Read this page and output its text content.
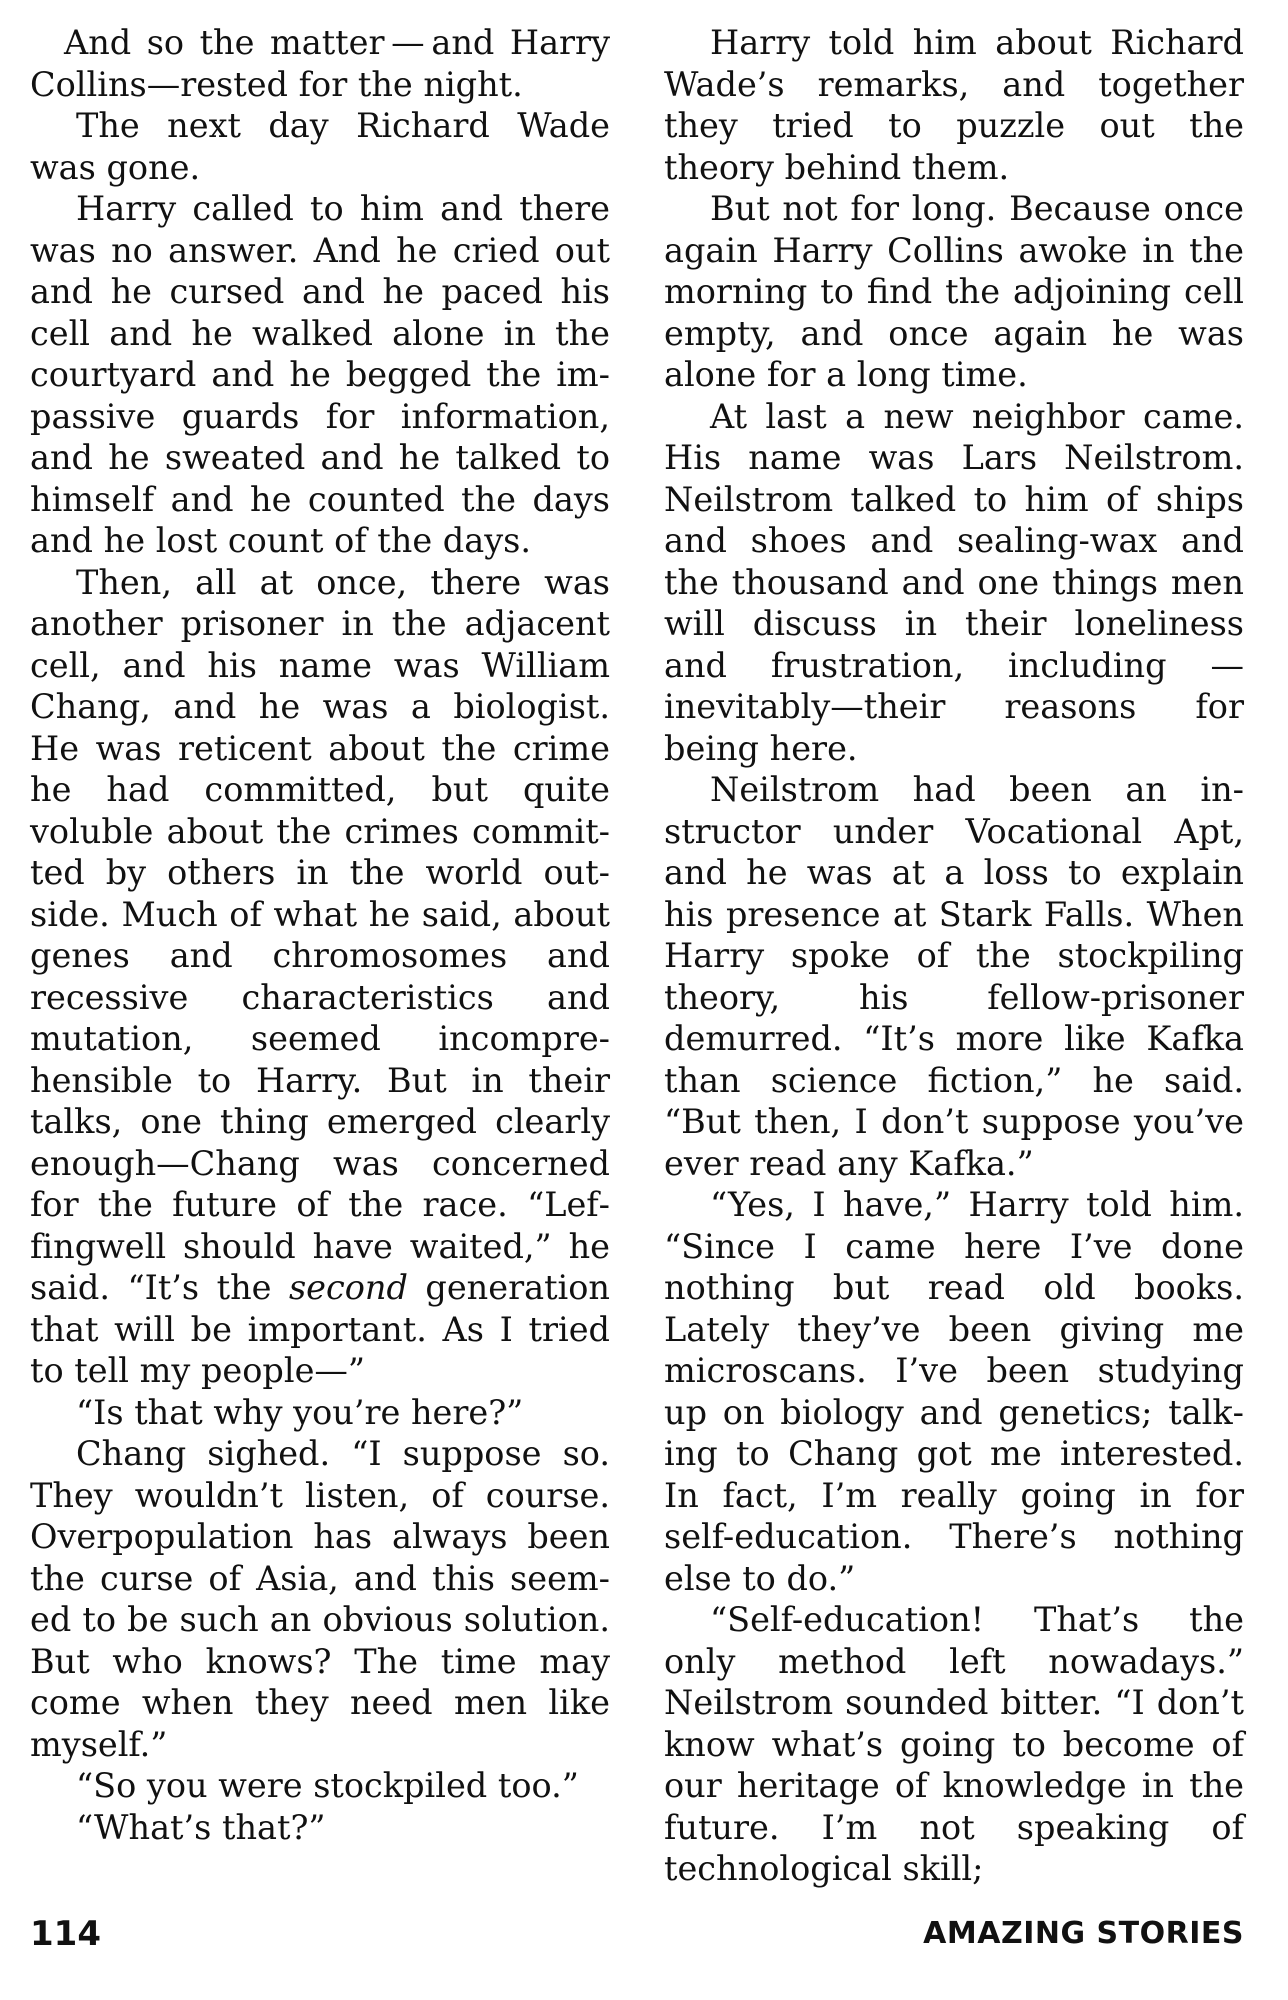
And so the matter — and Harry Collins—rested for the night.

The next day Richard Wade was gone.

Harry called to him and there was no answer. And he cried out and he cursed and he paced his cell and he walked alone in the courtyard and he begged the impassive guards for information, and he sweated and he talked to himself and he counted the days and he lost count of the days.

Then, all at once, there was another prisoner in the adjacent cell, and his name was William Chang, and he was a biologist. He was reticent about the crime he had committed, but quite voluble about the crimes committed by others in the world outside. Much of what he said, about genes and chromosomes and recessive characteristics and mutation, seemed incomprehensible to Harry. But in their talks, one thing emerged clearly enough—Chang was concerned for the future of the race. “Leffingwell should have waited,” he said. “It’s the second generation that will be important. As I tried to tell my people—”

“Is that why you’re here?”

Chang sighed. “I suppose so. They wouldn’t listen, of course. Overpopulation has always been the curse of Asia, and this seemed to be such an obvious solution. But who knows? The time may come when they need men like myself.”

“So you were stockpiled too.”

“What’s that?”

Harry told him about Richard Wade’s remarks, and together they tried to puzzle out the theory behind them.

But not for long. Because once again Harry Collins awoke in the morning to find the adjoining cell empty, and once again he was alone for a long time.

At last a new neighbor came. His name was Lars Neilstrom. Neilstrom talked to him of ships and shoes and sealing-wax and the thousand and one things men will discuss in their loneliness and frustration, including —inevitably—their reasons for being here.

Neilstrom had been an instructor under Vocational Apt, and he was at a loss to explain his presence at Stark Falls. When Harry spoke of the stockpiling theory, his fellow-prisoner demurred. “It’s more like Kafka than science fiction,” he said. “But then, I don’t suppose you’ve ever read any Kafka.”

“Yes, I have,” Harry told him. “Since I came here I’ve done nothing but read old books. Lately they’ve been giving me microscans. I’ve been studying up on biology and genetics; talking to Chang got me interested. In fact, I’m really going in for self-education. There’s nothing else to do.”

“Self-education! That’s the only method left nowadays.” Neilstrom sounded bitter. “I don’t know what’s going to become of our heritage of knowledge in the future. I’m not speaking of technological skill;

114	AMAZING STORIES
